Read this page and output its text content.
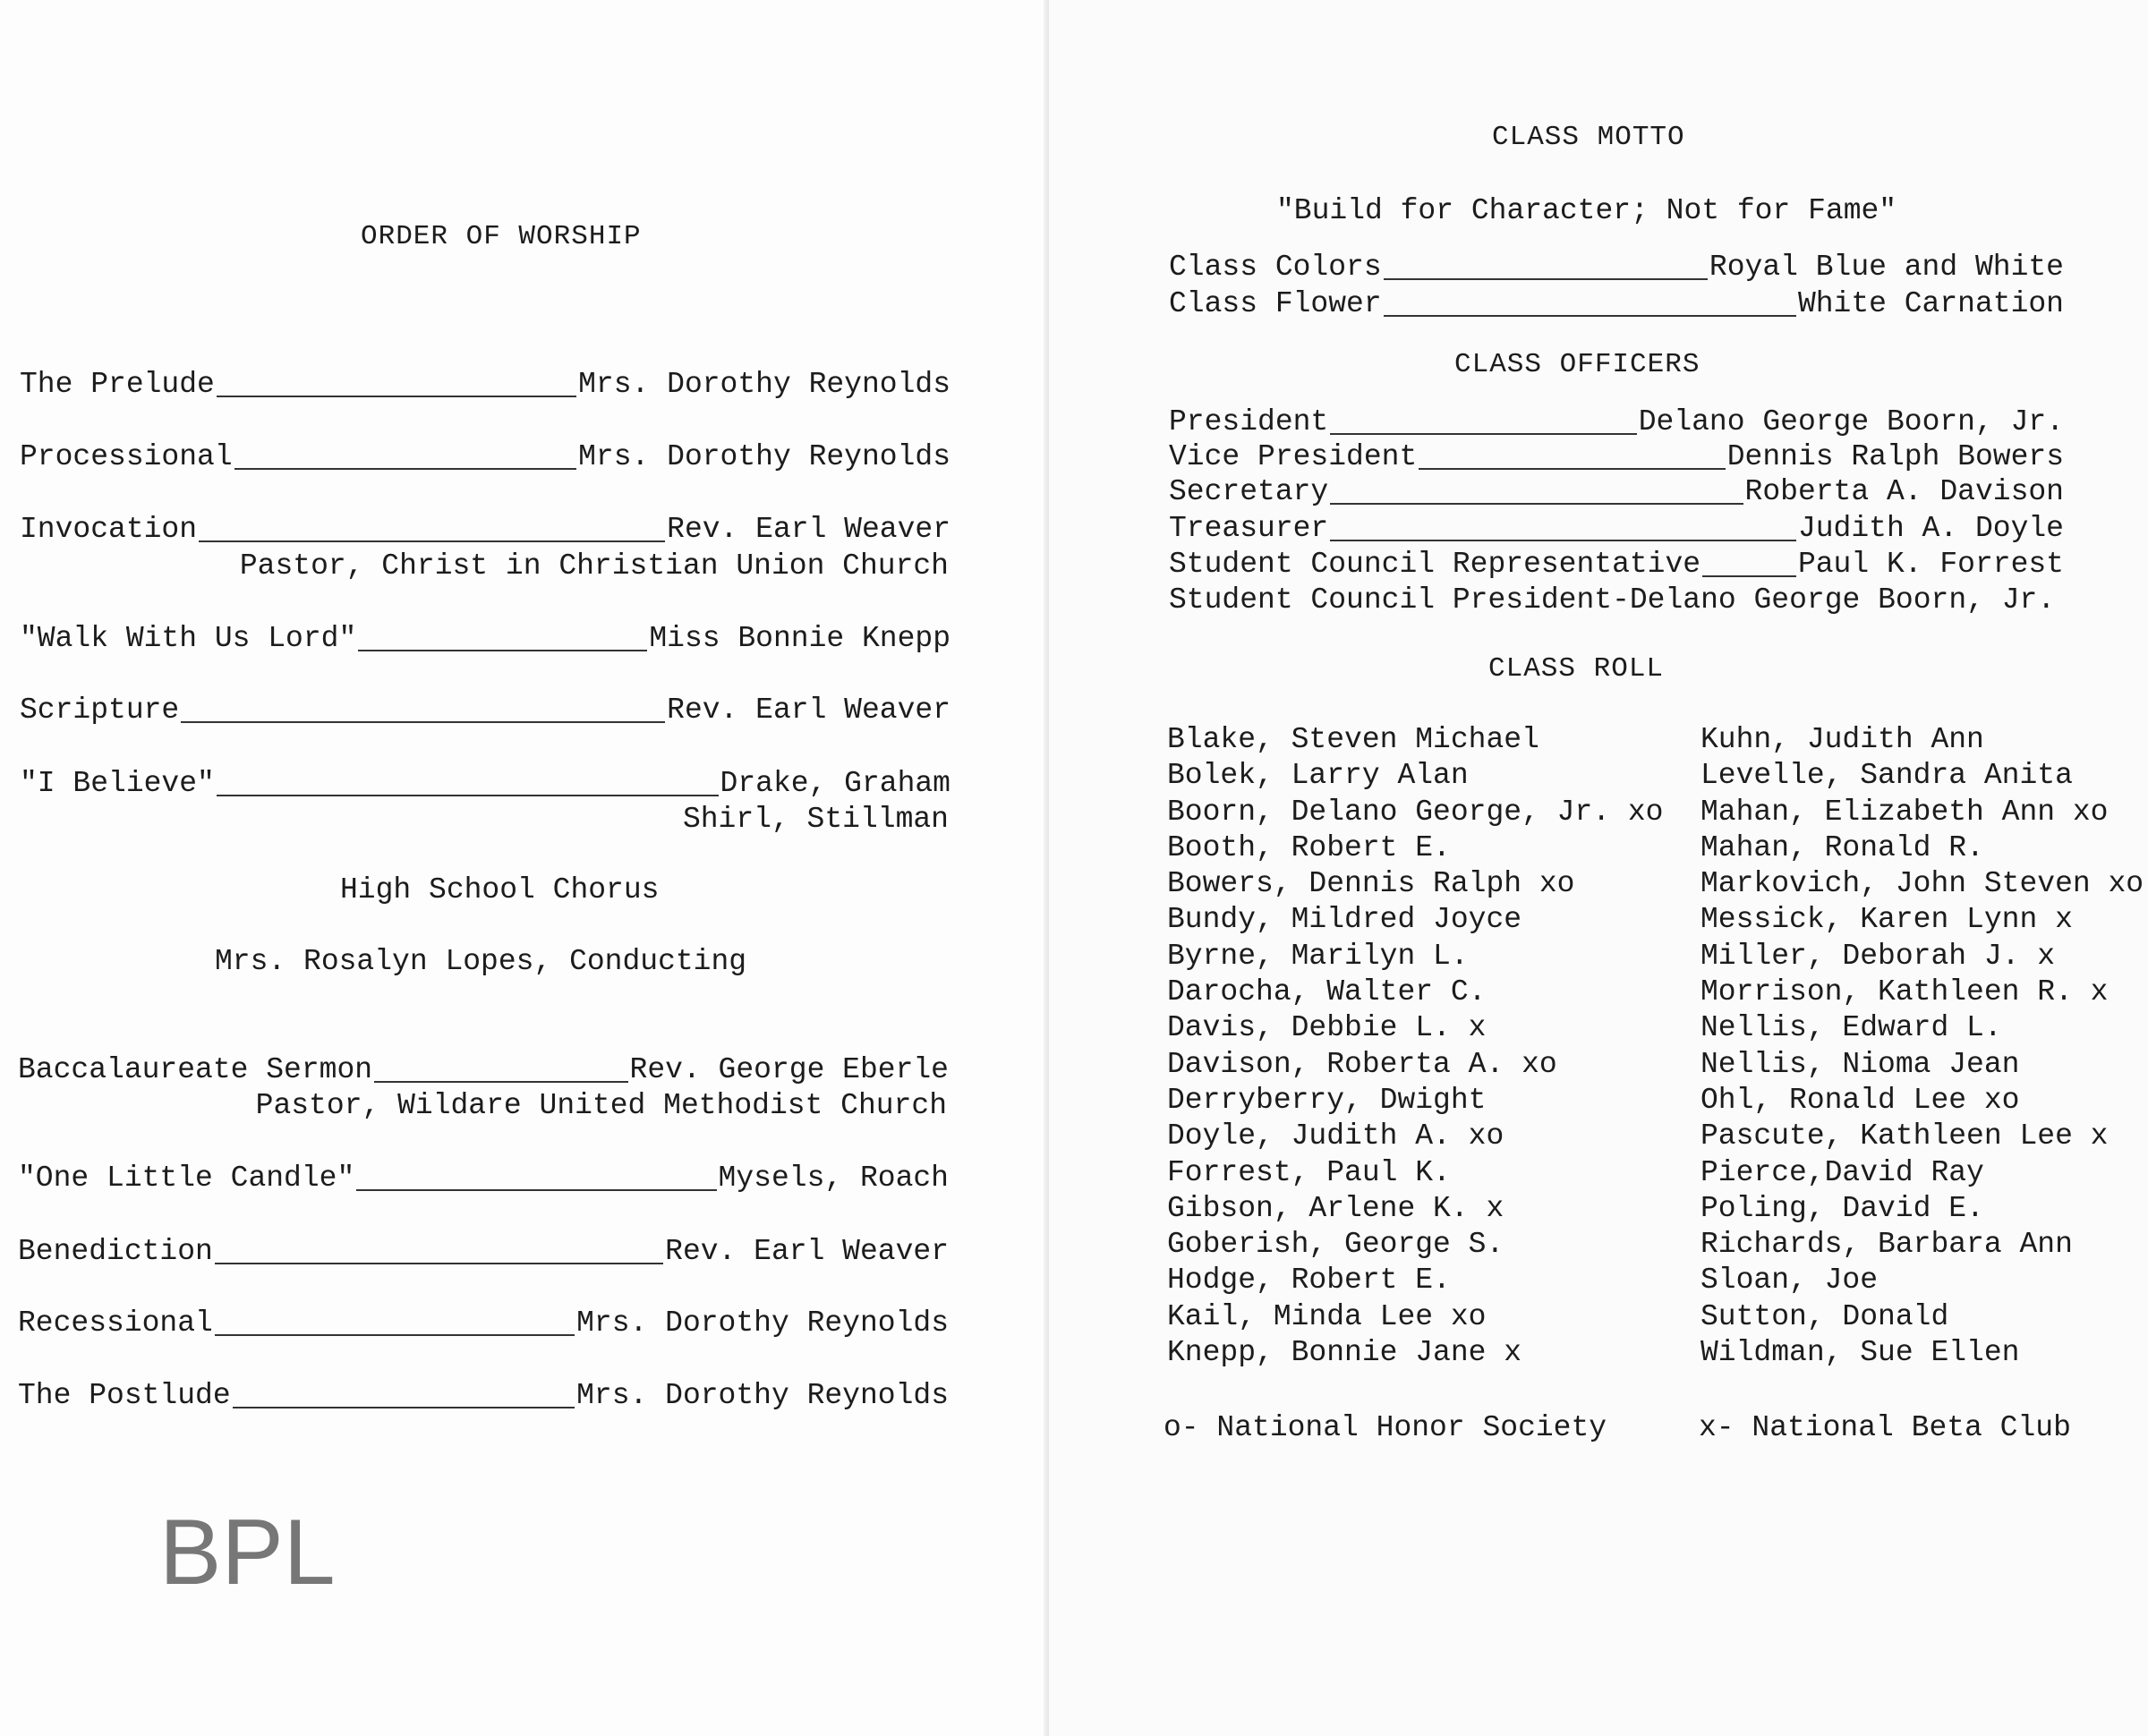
ORDER OF WORSHIP
The Prelude	Mrs. Dorothy Reynolds
Processional	Mrs. Dorothy Reynolds
Invocation	Rev. Earl Weaver
Pastor, Christ in Christian Union Church
"Walk With Us Lord"	Miss Bonnie Knepp
Scripture	Rev. Earl Weaver
"I Believe"	Drake, Graham
Shirl, Stillman
High School Chorus
Mrs. Rosalyn Lopes, Conducting
Baccalaureate Sermon	Rev. George Eberle
Pastor, Wildare United Methodist Church
"One Little Candle"	Mysels, Roach
Benediction	Rev. Earl Weaver
Recessional	Mrs. Dorothy Reynolds
The Postlude	Mrs. Dorothy Reynolds
BPL
CLASS MOTTO
"Build for Character; Not for Fame"
Class Colors	Royal Blue and White
Class Flower	White Carnation
CLASS OFFICERS
President	Delano George Boorn, Jr.
Vice President	Dennis Ralph Bowers
Secretary	Roberta A. Davison
Treasurer	Judith A. Doyle
Student Council Representative	Paul K. Forrest
Student Council President-Delano George Boorn, Jr.
CLASS ROLL
Blake, Steven Michael
Bolek, Larry Alan
Boorn, Delano George, Jr. xo
Booth, Robert E.
Bowers, Dennis Ralph xo
Bundy, Mildred Joyce
Byrne, Marilyn L.
Darocha, Walter C.
Davis, Debbie L. x
Davison, Roberta A. xo
Derryberry, Dwight
Doyle, Judith A. xo
Forrest, Paul K.
Gibson, Arlene K. x
Goberish, George S.
Hodge, Robert E.
Kail, Minda Lee xo
Knepp, Bonnie Jane x
Kuhn, Judith Ann
Levelle, Sandra Anita
Mahan, Elizabeth Ann xo
Mahan, Ronald R.
Markovich, John Steven xo
Messick, Karen Lynn x
Miller, Deborah J. x
Morrison, Kathleen R. x
Nellis, Edward L.
Nellis, Nioma Jean
Ohl, Ronald Lee xo
Pascute, Kathleen Lee x
Pierce,David Ray
Poling, David E.
Richards, Barbara Ann
Sloan, Joe
Sutton, Donald
Wildman, Sue Ellen
o- National Honor Society	x- National Beta Club
